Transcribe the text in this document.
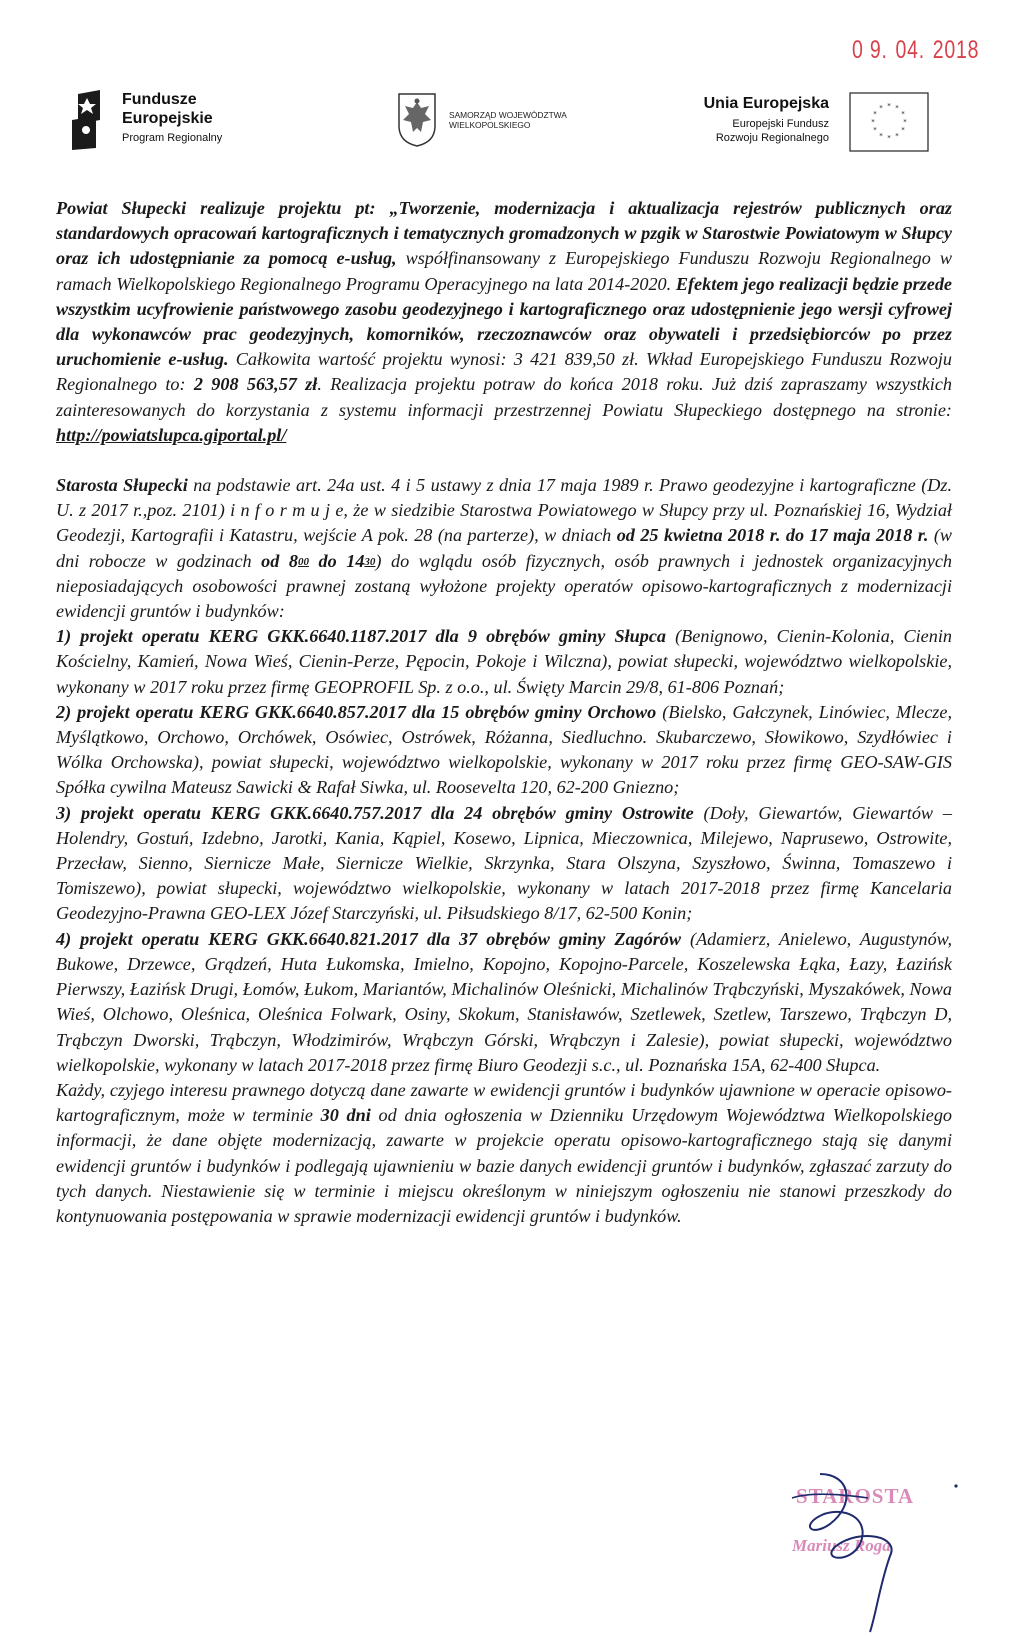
0 9. 04. 2018
Fundusze
Europejskie
Program Regionalny
SAMORZĄD WOJEWÓDZTWA
WIELKOPOLSKIEGO
Unia Europejska
Europejski Fundusz
Rozwoju Regionalnego
* *
*
*
*
*
*
*
*
*
*
*

Powiat Słupecki realizuje projektu pt: „Tworzenie, modernizacja i aktualizacja rejestrów publicznych oraz standardowych opracowań kartograficznych i tematycznych gromadzonych w pzgik w Starostwie Powiatowym w Słupcy oraz ich udostępnianie za pomocą e-usług, współfinansowany z Europejskiego Funduszu Rozwoju Regionalnego w ramach Wielkopolskiego Regionalnego Programu Operacyjnego na lata 2014-2020. Efektem jego realizacji będzie przede wszystkim ucyfrowienie państwowego zasobu geodezyjnego i kartograficznego oraz udostępnienie jego wersji cyfrowej dla wykonawców prac geodezyjnych, komorników, rzeczoznawców oraz obywateli i przedsiębiorców po przez uruchomienie e-usług. Całkowita wartość projektu wynosi: 3 421 839,50 zł. Wkład Europejskiego Funduszu Rozwoju Regionalnego to: 2 908 563,57 zł. Realizacja projektu potraw do końca 2018 roku. Już dziś zapraszamy wszystkich zainteresowanych do korzystania z systemu informacji przestrzennej Powiatu Słupeckiego dostępnego na stronie: http://powiatslupca.giportal.pl/

Starosta Słupecki na podstawie art. 24a ust. 4 i 5 ustawy z dnia 17 maja 1989 r. Prawo geodezyjne i kartograficzne (Dz. U. z 2017 r.,poz. 2101) i n f o r m u j e, że w siedzibie Starostwa Powiatowego w Słupcy przy ul. Poznańskiej 16, Wydział Geodezji, Kartografii i Katastru, wejście A pok. 28 (na parterze), w dniach od 25 kwietna 2018 r. do 17 maja 2018 r. (w dni robocze w godzinach od $8^{00}$ do $14^{30}$) do wglądu osób fizycznych, osób prawnych i jednostek organizacyjnych nieposiadających osobowości prawnej zostaną wyłożone projekty operatów opisowo-kartograficznych z modernizacji ewidencji gruntów i budynków:

1) projekt operatu KERG GKK.6640.1187.2017 dla 9 obrębów gminy Słupca (Benignowo, Cienin-Kolonia, Cienin Kościelny, Kamień, Nowa Wieś, Cienin-Perze, Pępocin, Pokoje i Wilczna), powiat słupecki, województwo wielkopolskie, wykonany w 2017 roku przez firmę GEOPROFIL Sp. z o.o., ul. Święty Marcin 29/8, 61-806 Poznań;

2) projekt operatu KERG GKK.6640.857.2017 dla 15 obrębów gminy Orchowo (Bielsko, Gałczynek, Linówiec, Mlecze, Myślątkowo, Orchowo, Orchówek, Osówiec, Ostrówek, Różanna, Siedluchno. Skubarczewo, Słowikowo, Szydłówiec i Wólka Orchowska), powiat słupecki, województwo wielkopolskie, wykonany w 2017 roku przez firmę GEO-SAW-GIS Spółka cywilna Mateusz Sawicki & Rafał Siwka, ul. Roosevelta 120, 62-200 Gniezno;

3) projekt operatu KERG GKK.6640.757.2017 dla 24 obrębów gminy Ostrowite (Doły, Giewartów, Giewartów – Holendry, Gostuń, Izdebno, Jarotki, Kania, Kąpiel, Kosewo, Lipnica, Mieczownica, Milejewo, Naprusewo, Ostrowite, Przecław, Sienno, Siernicze Małe, Siernicze Wielkie, Skrzynka, Stara Olszyna, Szyszłowo, Świnna, Tomaszewo i Tomiszewo), powiat słupecki, województwo wielkopolskie, wykonany w latach 2017-2018 przez firmę Kancelaria Geodezyjno-Prawna GEO-LEX Józef Starczyński, ul. Piłsudskiego 8/17, 62-500 Konin;

4) projekt operatu KERG GKK.6640.821.2017 dla 37 obrębów gminy Zagórów (Adamierz, Anielewo, Augustynów, Bukowe, Drzewce, Grądzeń, Huta Łukomska, Imielno, Kopojno, Kopojno-Parcele, Koszelewska Łąka, Łazy, Łazińsk Pierwszy, Łazińsk Drugi, Łomów, Łukom, Mariantów, Michalinów Oleśnicki, Michalinów Trąbczyński, Myszakówek, Nowa Wieś, Olchowo, Oleśnica, Oleśnica Folwark, Osiny, Skokum, Stanisławów, Szetlewek, Szetlew, Tarszewo, Trąbczyn D, Trąbczyn Dworski, Trąbczyn, Włodzimirów, Wrąbczyn Górski, Wrąbczyn i Zalesie), powiat słupecki, województwo wielkopolskie, wykonany w latach 2017-2018 przez firmę Biuro Geodezji s.c., ul. Poznańska 15A, 62-400 Słupca.

Każdy, czyjego interesu prawnego dotyczą dane zawarte w ewidencji gruntów i budynków ujawnione w operacie opisowo-kartograficznym, może w terminie 30 dni od dnia ogłoszenia w Dzienniku Urzędowym Województwa Wielkopolskiego informacji, że dane objęte modernizacją, zawarte w projekcie operatu opisowo-kartograficznego stają się danymi ewidencji gruntów i budynków i podlegają ujawnieniu w bazie danych ewidencji gruntów i budynków, zgłaszać zarzuty do tych danych. Niestawienie się w terminie i miejscu określonym w niniejszym ogłoszeniu nie stanowi przeszkody do kontynuowania postępowania w sprawie modernizacji ewidencji gruntów i budynków.

STAROSTA
Mariusz Roga
